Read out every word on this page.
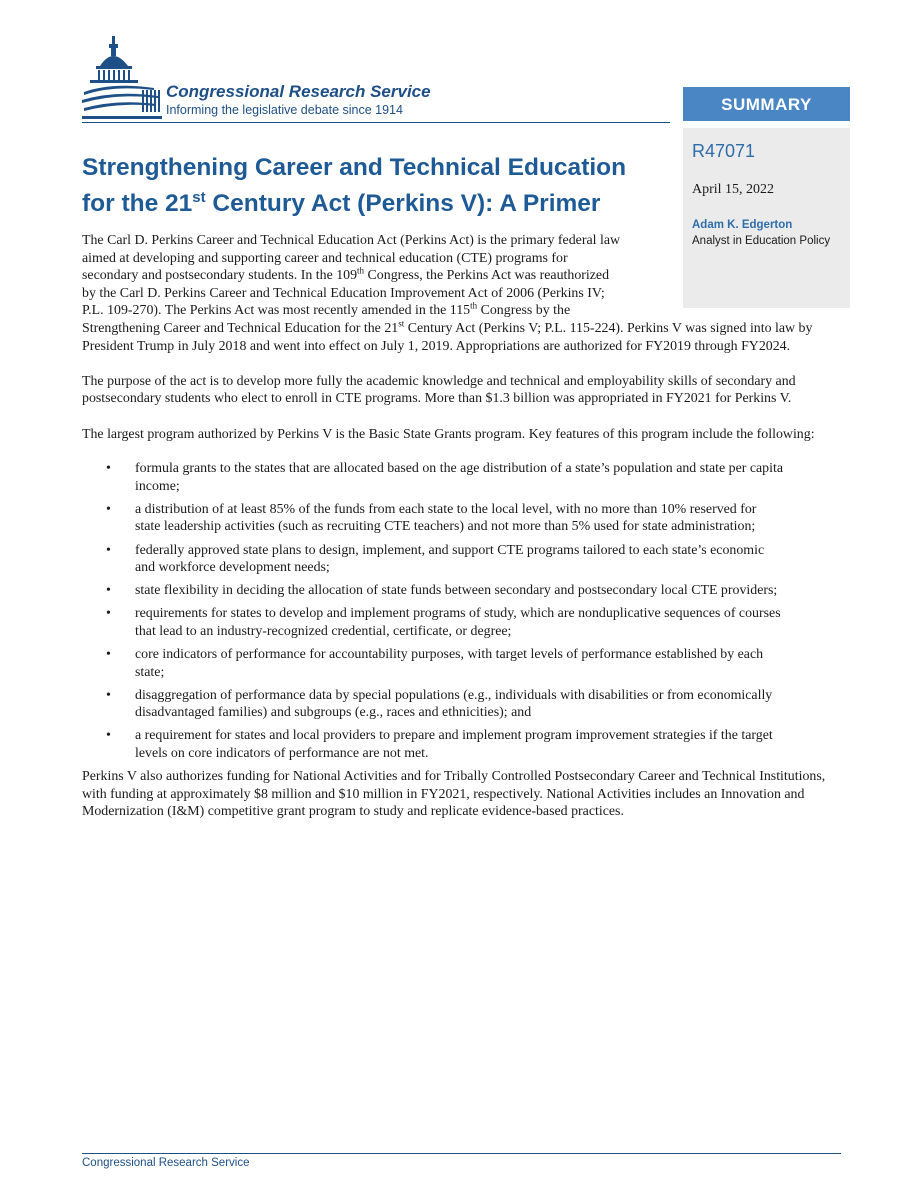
Congressional Research Service
Informing the legislative debate since 1914	SUMMARY
R47071
April 15, 2022
Adam K. Edgerton
Analyst in Education Policy
Strengthening Career and Technical Education
for the 21st Century Act (Perkins V): A Primer
The Carl D. Perkins Career and Technical Education Act (Perkins Act) is the primary federal law
aimed at developing and supporting career and technical education (CTE) programs for
secondary and postsecondary students. In the 109th Congress, the Perkins Act was reauthorized
by the Carl D. Perkins Career and Technical Education Improvement Act of 2006 (Perkins IV;
P.L. 109-270). The Perkins Act was most recently amended in the 115th Congress by the

Strengthening Career and Technical Education for the 21st Century Act (Perkins V; P.L. 115-224). Perkins V was signed into law by President Trump in July 2018 and went into effect on July 1, 2019. Appropriations are authorized for FY2019 through FY2024.

The purpose of the act is to develop more fully the academic knowledge and technical and employability skills of secondary and postsecondary students who elect to enroll in CTE programs. More than $1.3 billion was appropriated in FY2021 for Perkins V.

The largest program authorized by Perkins V is the Basic State Grants program. Key features of this program include the following:

• formula grants to the states that are allocated based on the age distribution of a state’s population and state per capita income;
• a distribution of at least 85% of the funds from each state to the local level, with no more than 10% reserved for state leadership activities (such as recruiting CTE teachers) and not more than 5% used for state administration;
• federally approved state plans to design, implement, and support CTE programs tailored to each state’s economic and workforce development needs;
• state flexibility in deciding the allocation of state funds between secondary and postsecondary local CTE providers;
• requirements for states to develop and implement programs of study, which are nonduplicative sequences of courses that lead to an industry-recognized credential, certificate, or degree;
• core indicators of performance for accountability purposes, with target levels of performance established by each state;
• disaggregation of performance data by special populations (e.g., individuals with disabilities or from economically disadvantaged families) and subgroups (e.g., races and ethnicities); and
• a requirement for states and local providers to prepare and implement program improvement strategies if the target levels on core indicators of performance are not met.

Perkins V also authorizes funding for National Activities and for Tribally Controlled Postsecondary Career and Technical Institutions, with funding at approximately $8 million and $10 million in FY2021, respectively. National Activities includes an Innovation and Modernization (I&M) competitive grant program to study and replicate evidence-based practices.

Congressional Research Service
